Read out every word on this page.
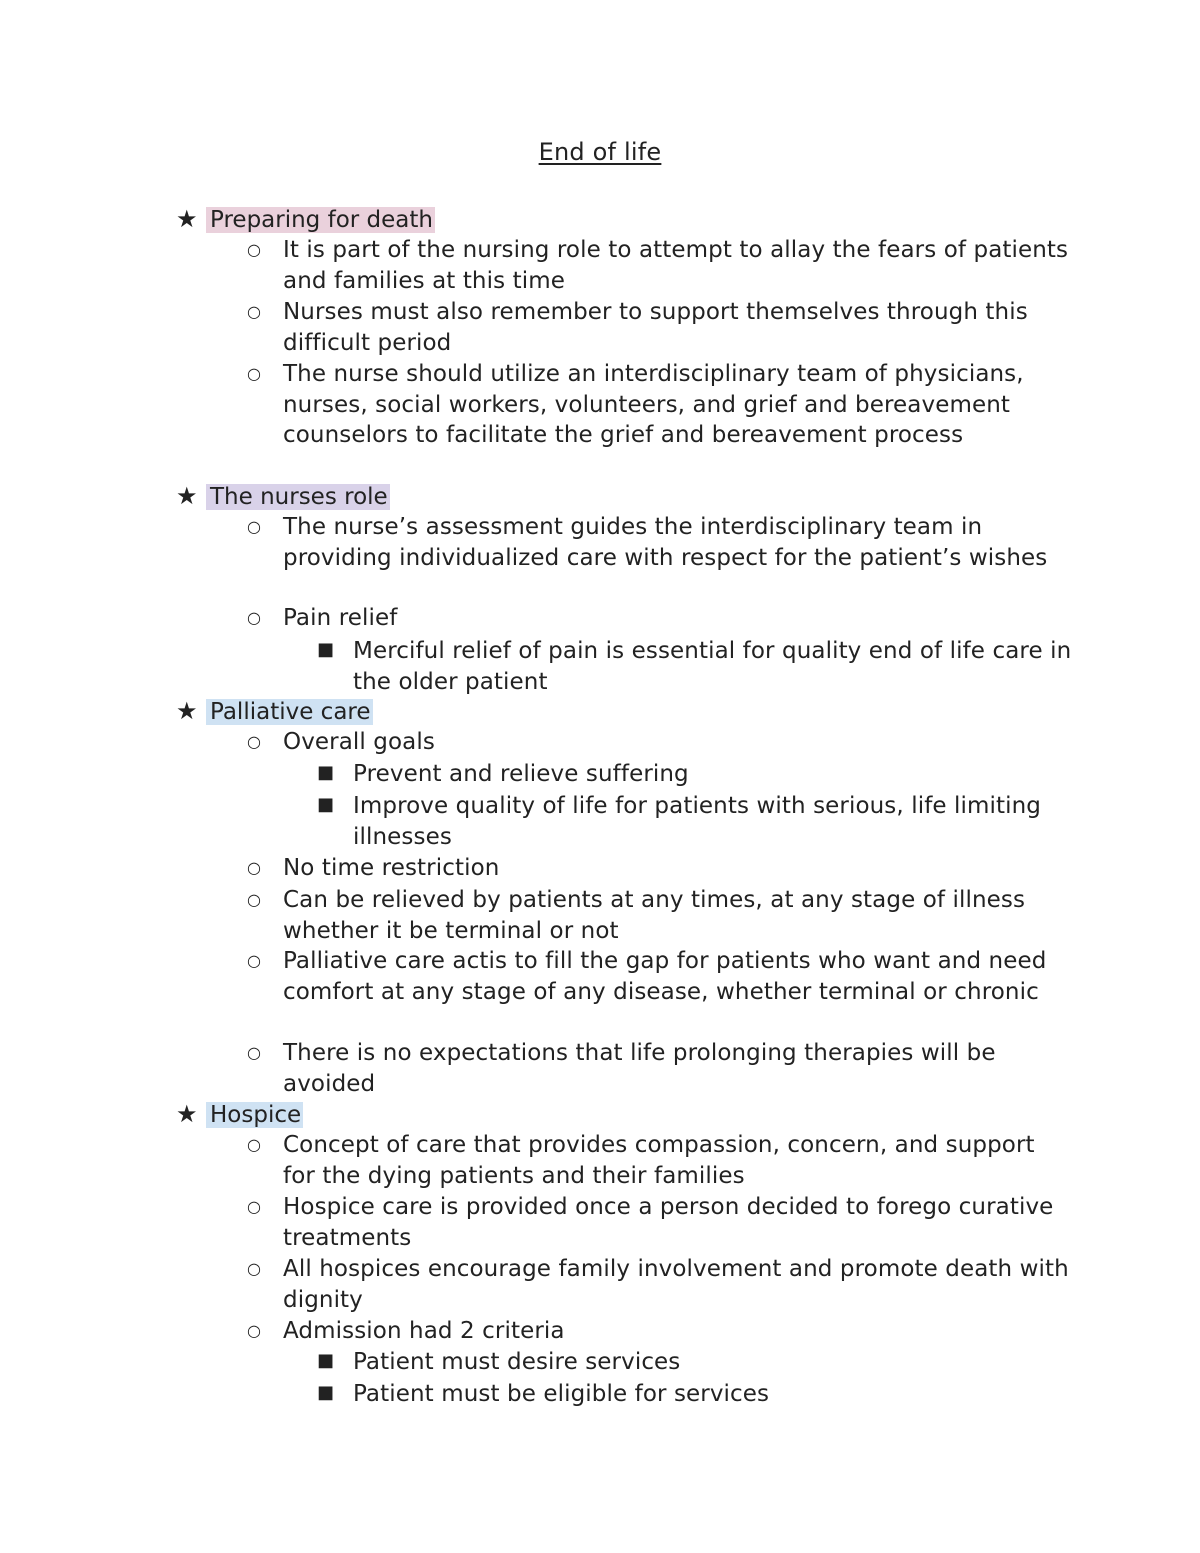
End of life
★ Preparing for death
○ It is part of the nursing role to attempt to allay the fears of patients and families at this time
○ Nurses must also remember to support themselves through this difficult period
○ The nurse should utilize an interdisciplinary team of physicians, nurses, social workers, volunteers, and grief and bereavement counselors to facilitate the grief and bereavement process
★ The nurses role
○ The nurse’s assessment guides the interdisciplinary team in providing individualized care with respect for the patient’s wishes
○ Pain relief
■ Merciful relief of pain is essential for quality end of life care in the older patient
★ Palliative care
○ Overall goals
■ Prevent and relieve suffering
■ Improve quality of life for patients with serious, life limiting illnesses
○ No time restriction
○ Can be relieved by patients at any times, at any stage of illness whether it be terminal or not
○ Palliative care actis to fill the gap for patients who want and need comfort at any stage of any disease, whether terminal or chronic
○ There is no expectations that life prolonging therapies will be avoided
★ Hospice
○ Concept of care that provides compassion, concern, and support for the dying patients and their families
○ Hospice care is provided once a person decided to forego curative treatments
○ All hospices encourage family involvement and promote death with dignity
○ Admission had 2 criteria
■ Patient must desire services
■ Patient must be eligible for services
